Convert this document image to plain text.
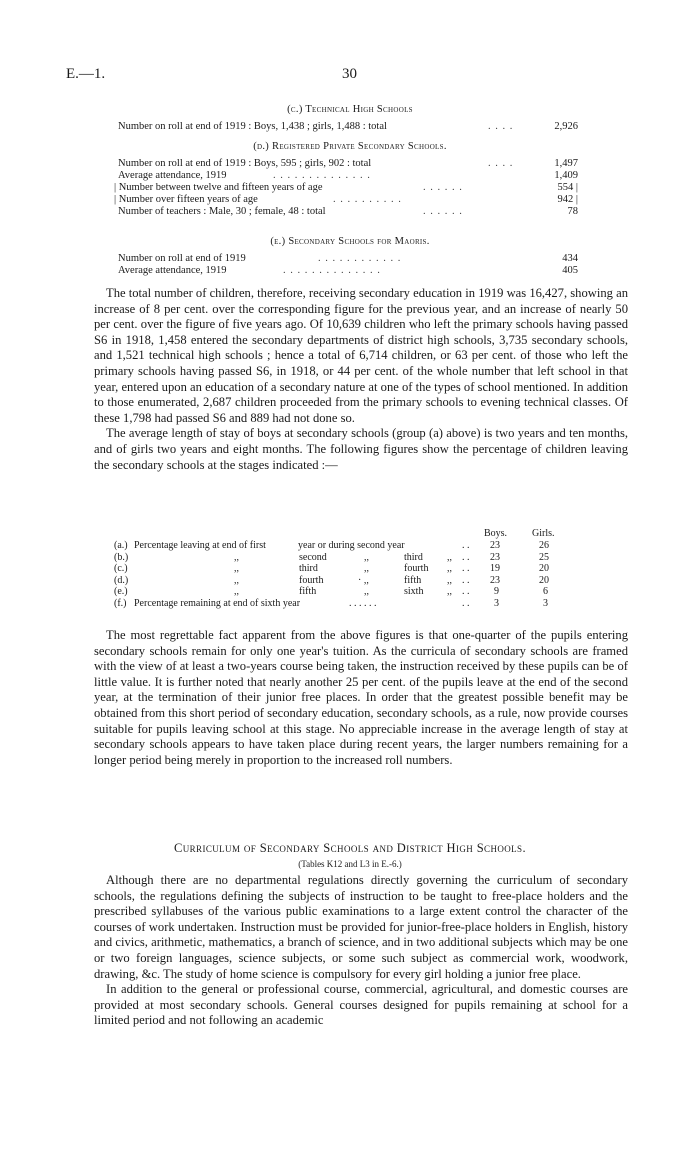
E.—1.	30
(c.) Technical High Schools
Number on roll at end of 1919 : Boys, 1,438 ; girls, 1,488 : total	. . . .	2,926
(d.) Registered Private Secondary Schools.
Number on roll at end of 1919 : Boys, 595 ; girls, 902 : total	. . . .	1,497
Average attendance, 1919	. . . . . . . . . . . . . .	1,409
| Number between twelve and fifteen years of age	. . . . . .	554 |
| Number over fifteen years of age	. . . . . . . . . .	942 |
Number of teachers : Male, 30 ; female, 48 : total	. . . . . .	78
(e.) Secondary Schools for Maoris.
Number on roll at end of 1919	. . . . . . . . . . . .	434
Average attendance, 1919	. . . . . . . . . . . . . .	405

The total number of children, therefore, receiving secondary education in 1919 was 16,427, showing an increase of 8 per cent. over the corresponding figure for the previous year, and an increase of nearly 50 per cent. over the figure of five years ago. Of 10,639 children who left the primary schools having passed S6 in 1918, 1,458 entered the secondary departments of district high schools, 3,735 secondary schools, and 1,521 technical high schools ; hence a total of 6,714 children, or 63 per cent. of those who left the primary schools having passed S6, in 1918, or 44 per cent. of the whole number that left school in that year, entered upon an education of a secondary nature at one of the types of school mentioned. In addition to those enumerated, 2,687 children proceeded from the primary schools to evening technical classes. Of these 1,798 had passed S6 and 889 had not done so.

The average length of stay of boys at secondary schools (group (a) above) is two years and ten months, and of girls two years and eight months. The following figures show the percentage of children leaving the secondary schools at the stages indicated :—

Boys. Girls.
(a.) Percentage leaving at end of first	year or during second year	. . 23	26
(b.)	,,	second	,,	third ,, . . 23	25
(c.)	,,	third	,,	fourth ,, . . 19	20
(d.)	,,	fourth	· ,,	fifth	,, . . 23	20
(e.)	,,	fifth	,,	sixth ,, . . 9	6
(f.) Percentage remaining at end of sixth year	. . . . . .	. . 3	3

The most regrettable fact apparent from the above figures is that one-quarter of the pupils entering secondary schools remain for only one year's tuition. As the curricula of secondary schools are framed with the view of at least a two-years course being taken, the instruction received by these pupils can be of little value. It is further noted that nearly another 25 per cent. of the pupils leave at the end of the second year, at the termination of their junior free places. In order that the greatest possible benefit may be obtained from this short period of secondary education, secondary schools, as a rule, now provide courses suitable for pupils leaving school at this stage. No appreciable increase in the average length of stay at secondary schools appears to have taken place during recent years, the larger numbers remaining for a longer period being merely in proportion to the increased roll numbers.

Curriculum of Secondary Schools and District High Schools.
(Tables K12 and L3 in E.-6.)

Although there are no departmental regulations directly governing the curriculum of secondary schools, the regulations defining the subjects of instruction to be taught to free-place holders and the prescribed syllabuses of the various public examinations to a large extent control the character of the courses of work undertaken. Instruction must be provided for junior-free-place holders in English, history and civics, arithmetic, mathematics, a branch of science, and in two additional subjects which may be one or two foreign languages, science subjects, or some such subject as commercial work, woodwork, drawing, &c. The study of home science is compulsory for every girl holding a junior free place.

In addition to the general or professional course, commercial, agricultural, and domestic courses are provided at most secondary schools. General courses designed for pupils remaining at school for a limited period and not following an academic
